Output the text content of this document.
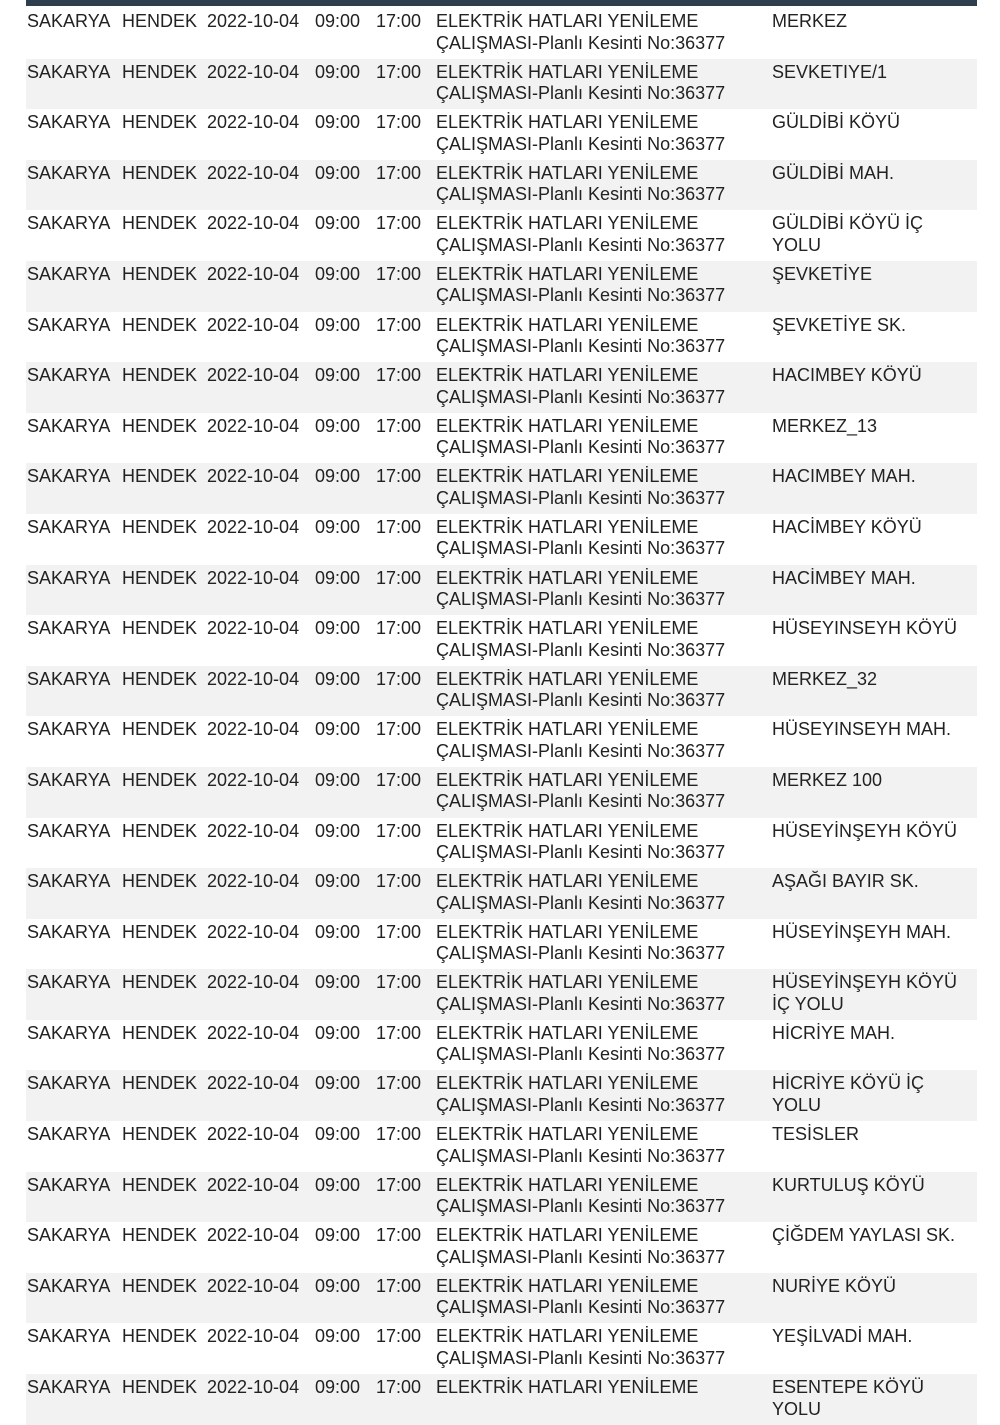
SAKARYA HENDEK 2022-10-04 09:00 17:00 ELEKTRİK HATLARI YENİLEME ÇALIŞMASI-Planlı Kesinti No:36377
MERKEZ
SAKARYA HENDEK 2022-10-04 09:00 17:00 ELEKTRİK HATLARI YENİLEME ÇALIŞMASI-Planlı Kesinti No:36377
SEVKETIYE/1
SAKARYA HENDEK 2022-10-04 09:00 17:00 ELEKTRİK HATLARI YENİLEME ÇALIŞMASI-Planlı Kesinti No:36377
GÜLDİBİ KÖYÜ
SAKARYA HENDEK 2022-10-04 09:00 17:00 ELEKTRİK HATLARI YENİLEME ÇALIŞMASI-Planlı Kesinti No:36377
GÜLDİBİ MAH.
SAKARYA HENDEK 2022-10-04 09:00 17:00 ELEKTRİK HATLARI YENİLEME ÇALIŞMASI-Planlı Kesinti No:36377
GÜLDİBİ KÖYÜ İÇ YOLU
SAKARYA HENDEK 2022-10-04 09:00 17:00 ELEKTRİK HATLARI YENİLEME ÇALIŞMASI-Planlı Kesinti No:36377
ŞEVKETİYE
SAKARYA HENDEK 2022-10-04 09:00 17:00 ELEKTRİK HATLARI YENİLEME ÇALIŞMASI-Planlı Kesinti No:36377
ŞEVKETİYE SK.
SAKARYA HENDEK 2022-10-04 09:00 17:00 ELEKTRİK HATLARI YENİLEME ÇALIŞMASI-Planlı Kesinti No:36377
HACIMBEY KÖYÜ
SAKARYA HENDEK 2022-10-04 09:00 17:00 ELEKTRİK HATLARI YENİLEME ÇALIŞMASI-Planlı Kesinti No:36377
MERKEZ_13
SAKARYA HENDEK 2022-10-04 09:00 17:00 ELEKTRİK HATLARI YENİLEME ÇALIŞMASI-Planlı Kesinti No:36377
HACIMBEY MAH.
SAKARYA HENDEK 2022-10-04 09:00 17:00 ELEKTRİK HATLARI YENİLEME ÇALIŞMASI-Planlı Kesinti No:36377
HACİMBEY KÖYÜ
SAKARYA HENDEK 2022-10-04 09:00 17:00 ELEKTRİK HATLARI YENİLEME ÇALIŞMASI-Planlı Kesinti No:36377
HACİMBEY MAH.
SAKARYA HENDEK 2022-10-04 09:00 17:00 ELEKTRİK HATLARI YENİLEME ÇALIŞMASI-Planlı Kesinti No:36377
HÜSEYINSEYH KÖYÜ
SAKARYA HENDEK 2022-10-04 09:00 17:00 ELEKTRİK HATLARI YENİLEME ÇALIŞMASI-Planlı Kesinti No:36377
MERKEZ_32
SAKARYA HENDEK 2022-10-04 09:00 17:00 ELEKTRİK HATLARI YENİLEME ÇALIŞMASI-Planlı Kesinti No:36377
HÜSEYINSEYH MAH.
SAKARYA HENDEK 2022-10-04 09:00 17:00 ELEKTRİK HATLARI YENİLEME ÇALIŞMASI-Planlı Kesinti No:36377
MERKEZ 100
SAKARYA HENDEK 2022-10-04 09:00 17:00 ELEKTRİK HATLARI YENİLEME ÇALIŞMASI-Planlı Kesinti No:36377
HÜSEYİNŞEYH KÖYÜ
SAKARYA HENDEK 2022-10-04 09:00 17:00 ELEKTRİK HATLARI YENİLEME ÇALIŞMASI-Planlı Kesinti No:36377
AŞAĞI BAYIR SK.
SAKARYA HENDEK 2022-10-04 09:00 17:00 ELEKTRİK HATLARI YENİLEME ÇALIŞMASI-Planlı Kesinti No:36377
HÜSEYİNŞEYH MAH.
SAKARYA HENDEK 2022-10-04 09:00 17:00 ELEKTRİK HATLARI YENİLEME ÇALIŞMASI-Planlı Kesinti No:36377
HÜSEYİNŞEYH KÖYÜ İÇ YOLU
SAKARYA HENDEK 2022-10-04 09:00 17:00 ELEKTRİK HATLARI YENİLEME ÇALIŞMASI-Planlı Kesinti No:36377
HİCRİYE MAH.
SAKARYA HENDEK 2022-10-04 09:00 17:00 ELEKTRİK HATLARI YENİLEME ÇALIŞMASI-Planlı Kesinti No:36377
HİCRİYE KÖYÜ İÇ YOLU
SAKARYA HENDEK 2022-10-04 09:00 17:00 ELEKTRİK HATLARI YENİLEME ÇALIŞMASI-Planlı Kesinti No:36377
TESİSLER
SAKARYA HENDEK 2022-10-04 09:00 17:00 ELEKTRİK HATLARI YENİLEME ÇALIŞMASI-Planlı Kesinti No:36377
KURTULUŞ KÖYÜ
SAKARYA HENDEK 2022-10-04 09:00 17:00 ELEKTRİK HATLARI YENİLEME ÇALIŞMASI-Planlı Kesinti No:36377
ÇİĞDEM YAYLASI SK.
SAKARYA HENDEK 2022-10-04 09:00 17:00 ELEKTRİK HATLARI YENİLEME ÇALIŞMASI-Planlı Kesinti No:36377
NURİYE KÖYÜ
SAKARYA HENDEK 2022-10-04 09:00 17:00 ELEKTRİK HATLARI YENİLEME ÇALIŞMASI-Planlı Kesinti No:36377
YEŞİLVADİ MAH.
SAKARYA HENDEK 2022-10-04 09:00 17:00 ELEKTRİK HATLARI YENİLEME	ESENTEPE KÖYÜ YOLU
